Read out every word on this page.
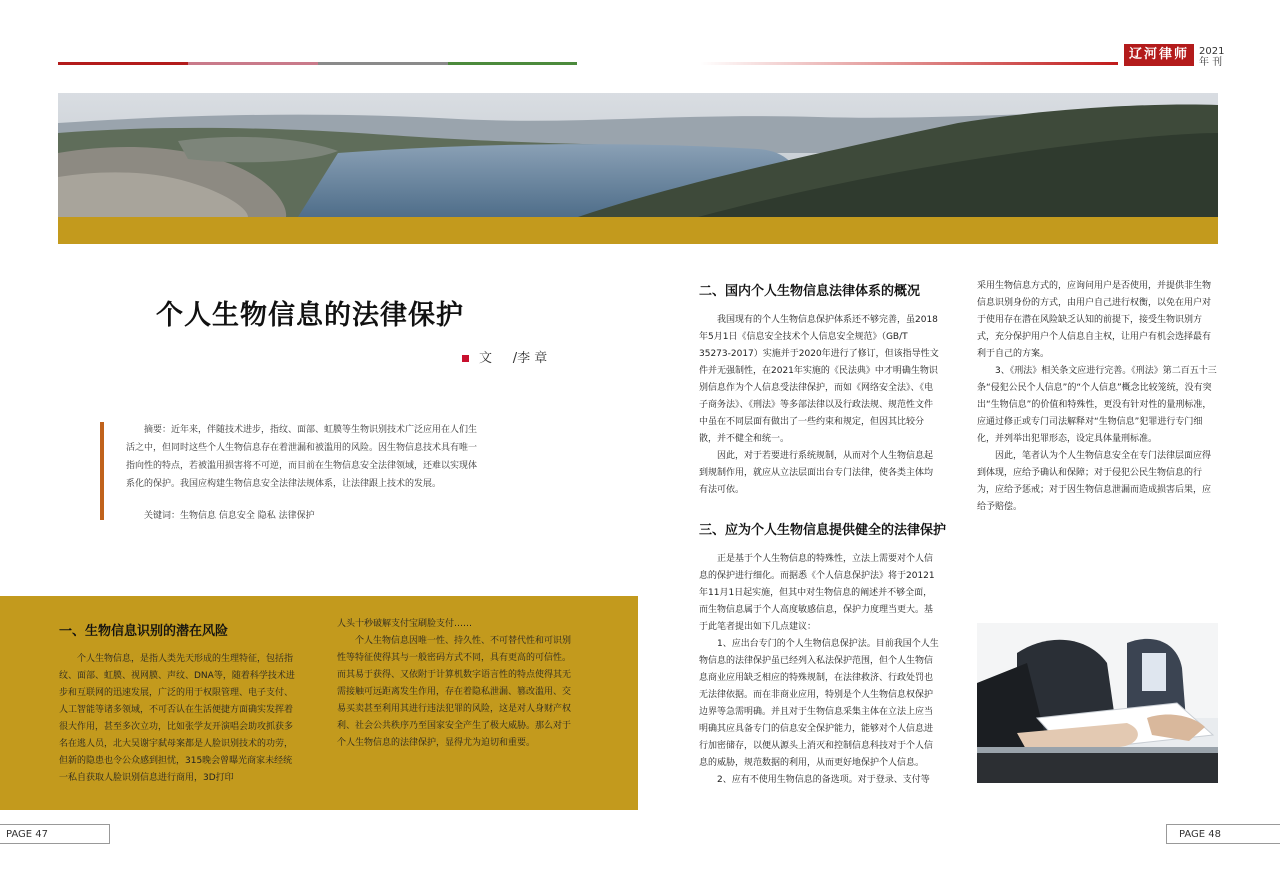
辽河律师	2021
年 刊
个人生物信息的法律保护
文 /李 章

摘要：近年来，伴随技术进步，指纹、面部、虹膜等生物识别技术广泛应用在人们生活之中，但同时这些个人生物信息存在着泄漏和被滥用的风险。因生物信息技术具有唯一指向性的特点，若被滥用损害将不可逆，而目前在生物信息安全法律领域，还难以实现体系化的保护。我国应构建生物信息安全法律法规体系，让法律跟上技术的发展。

关键词：生物信息 信息安全 隐私 法律保护
一、生物信息识别的潜在风险

个人生物信息，是指人类先天形成的生理特征，包括指纹、面部、虹膜、视网膜、声纹、DNA等，随着科学技术进步和互联网的迅速发展，广泛的用于权限管理、电子支付、人工智能等诸多领域，不可否认在生活便捷方面确实发挥着很大作用，甚至多次立功，比如张学友开演唱会助攻抓获多名在逃人员，北大吴谢宇弑母案都是人脸识别技术的功劳，但新的隐患也令公众感到担忧，315晚会曾曝光商家未经统一私自获取人脸识别信息进行商用，3D打印

人头十秒破解支付宝刷脸支付……

个人生物信息因唯一性、持久性、不可替代性和可识别性等特征使得其与一般密码方式不同，具有更高的可信性。而其易于获得、又依附于计算机数字语言性的特点使得其无需接触可远距离发生作用，存在着隐私泄漏、篡改滥用、交易买卖甚至利用其进行违法犯罪的风险，这是对人身财产权利、社会公共秩序乃至国家安全产生了极大威胁。那么对于个人生物信息的法律保护，显得尤为迫切和重要。

二、国内个人生物信息法律体系的概况

我国现有的个人生物信息保护体系还不够完善，虽2018年5月1日《信息安全技术个人信息安全规范》（GB/T 35273-2017）实施并于2020年进行了修订，但该指导性文件并无强制性，在2021年实施的《民法典》中才明确生物识别信息作为个人信息受法律保护，而如《网络安全法》、《电子商务法》、《刑法》等多部法律以及行政法规、规范性文件中虽在不同层面有做出了一些约束和规定，但因其比较分散，并不健全和统一。

因此，对于若要进行系统规制，从而对个人生物信息起到规制作用，就应从立法层面出台专门法律，使各类主体均有法可依。

三、应为个人生物信息提供健全的法律保护

正是基于个人生物信息的特殊性，立法上需要对个人信息的保护进行细化。而据悉《个人信息保护法》将于20121年11月1日起实施，但其中对生物信息的阐述并不够全面，而生物信息属于个人高度敏感信息，保护力度理当更大。基于此笔者提出如下几点建议：

1、应出台专门的个人生物信息保护法。目前我国个人生物信息的法律保护虽已经列入私法保护范围，但个人生物信息商业应用缺乏相应的特殊规制，在法律救济、行政处罚也无法律依据。而在非商业应用，特别是个人生物信息权保护边界等急需明确。并且对于生物信息采集主体在立法上应当明确其应具备专门的信息安全保护能力，能够对个人信息进行加密储存，以便从源头上消灭和控制信息科技对于个人信息的威胁，规范数据的利用，从而更好地保护个人信息。

2、应有不使用生物信息的备选项。对于登录、支付等

采用生物信息方式的，应询问用户是否使用，并提供非生物信息识别身份的方式，由用户自己进行权衡，以免在用户对于使用存在潜在风险缺乏认知的前提下，接受生物识别方式，充分保护用户个人信息自主权，让用户有机会选择最有利于自己的方案。

3、《刑法》相关条文应进行完善。《刑法》第二百五十三条“侵犯公民个人信息”的“个人信息”概念比较笼统，没有突出“生物信息”的价值和特殊性，更没有针对性的量刑标准，应通过修正或专门司法解释对“生物信息”犯罪进行专门细化，并列举出犯罪形态，设定具体量刑标准。

因此，笔者认为个人生物信息安全在专门法律层面应得到体现，应给予确认和保障；对于侵犯公民生物信息的行为，应给予惩戒；对于因生物信息泄漏而造成损害后果，应给予赔偿。

PAGE 47	PAGE 48
